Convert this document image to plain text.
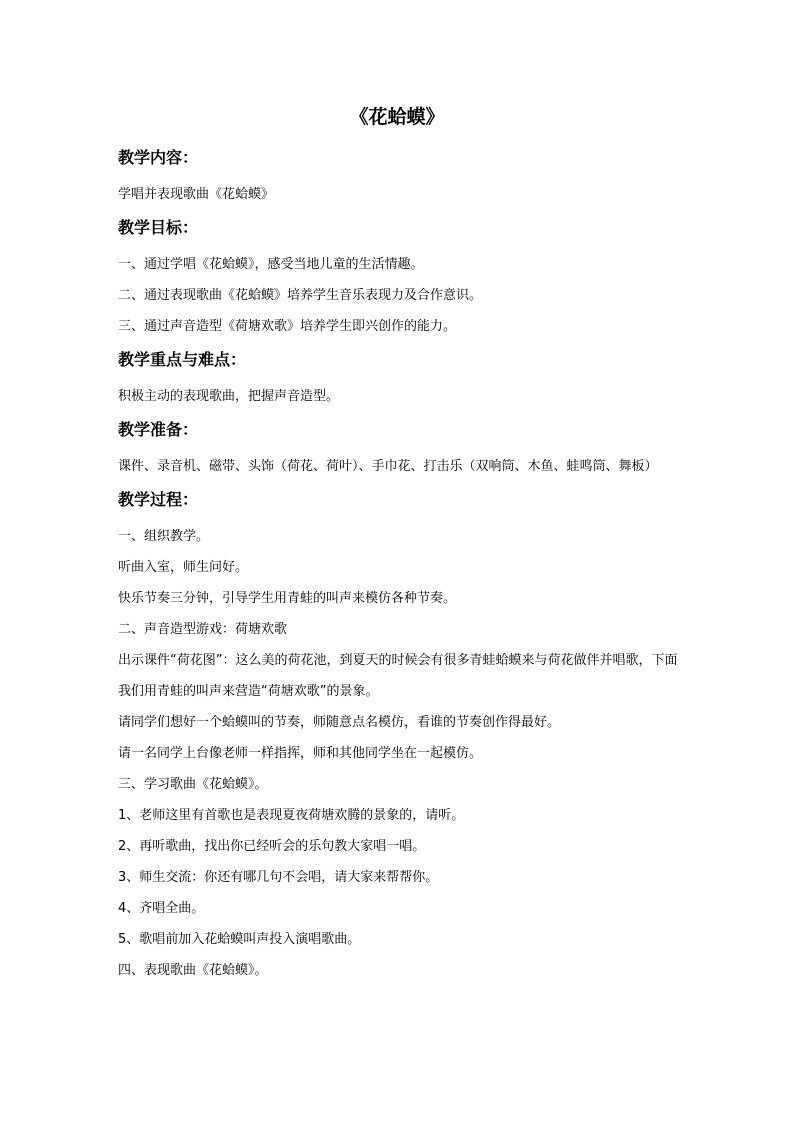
《花蛤蟆》
教学内容：
学唱并表现歌曲《花蛤蟆》
教学目标：
一、通过学唱《花蛤蟆》，感受当地儿童的生活情趣。
二、通过表现歌曲《花蛤蟆》培养学生音乐表现力及合作意识。
三、通过声音造型《荷塘欢歌》培养学生即兴创作的能力。
教学重点与难点：
积极主动的表现歌曲，把握声音造型。
教学准备：
课件、录音机、磁带、头饰（荷花、荷叶）、手巾花、打击乐（双响筒、木鱼、蛙鸣筒、舞板）
教学过程：
一、组织教学。
听曲入室，师生问好。
快乐节奏三分钟，引导学生用青蛙的叫声来模仿各种节奏。
二、声音造型游戏：荷塘欢歌
出示课件“荷花图”：这么美的荷花池，到夏天的时候会有很多青蛙蛤蟆来与荷花做伴并唱歌，下面我们用青蛙的叫声来营造“荷塘欢歌”的景象。
请同学们想好一个蛤蟆叫的节奏，师随意点名模仿，看谁的节奏创作得最好。
请一名同学上台像老师一样指挥，师和其他同学坐在一起模仿。
三、学习歌曲《花蛤蟆》。
1、老师这里有首歌也是表现夏夜荷塘欢腾的景象的，请听。
2、再听歌曲，找出你已经听会的乐句教大家唱一唱。
3、师生交流：你还有哪几句不会唱，请大家来帮帮你。
4、齐唱全曲。
5、歌唱前加入花蛤蟆叫声投入演唱歌曲。
四、表现歌曲《花蛤蟆》。
